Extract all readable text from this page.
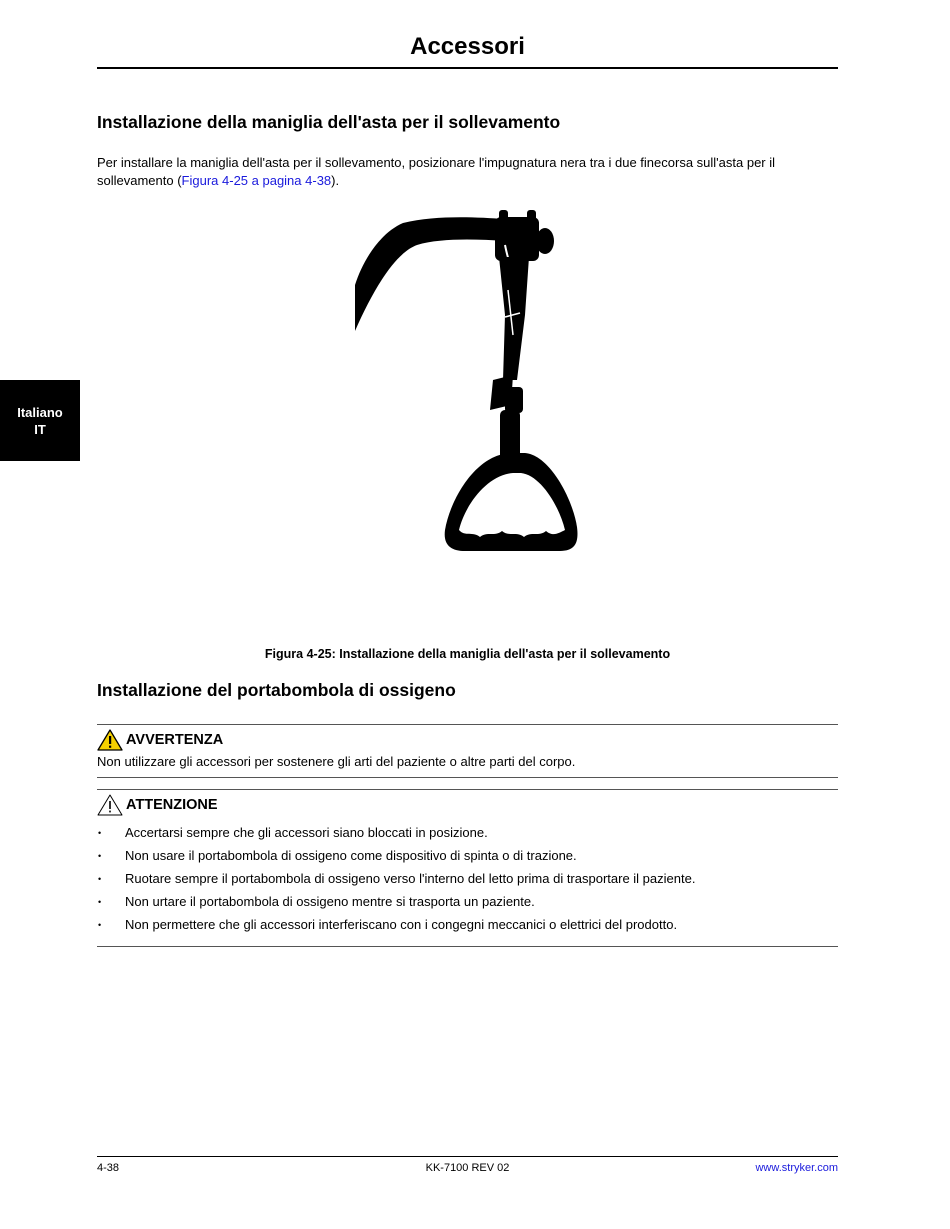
Accessori
Italiano
IT
Installazione della maniglia dell'asta per il sollevamento
Per installare la maniglia dell'asta per il sollevamento, posizionare l'impugnatura nera tra i due finecorsa sull'asta per il sollevamento (Figura 4-25 a pagina 4-38).
Figura 4-25: Installazione della maniglia dell'asta per il sollevamento
Installazione del portabombola di ossigeno
AVVERTENZA
Non utilizzare gli accessori per sostenere gli arti del paziente o altre parti del corpo.
ATTENZIONE
• Accertarsi sempre che gli accessori siano bloccati in posizione.
• Non usare il portabombola di ossigeno come dispositivo di spinta o di trazione.
• Ruotare sempre il portabombola di ossigeno verso l'interno del letto prima di trasportare il paziente.
• Non urtare il portabombola di ossigeno mentre si trasporta un paziente.
• Non permettere che gli accessori interferiscano con i congegni meccanici o elettrici del prodotto.
4-38	KK-7100 REV 02	www.stryker.com
